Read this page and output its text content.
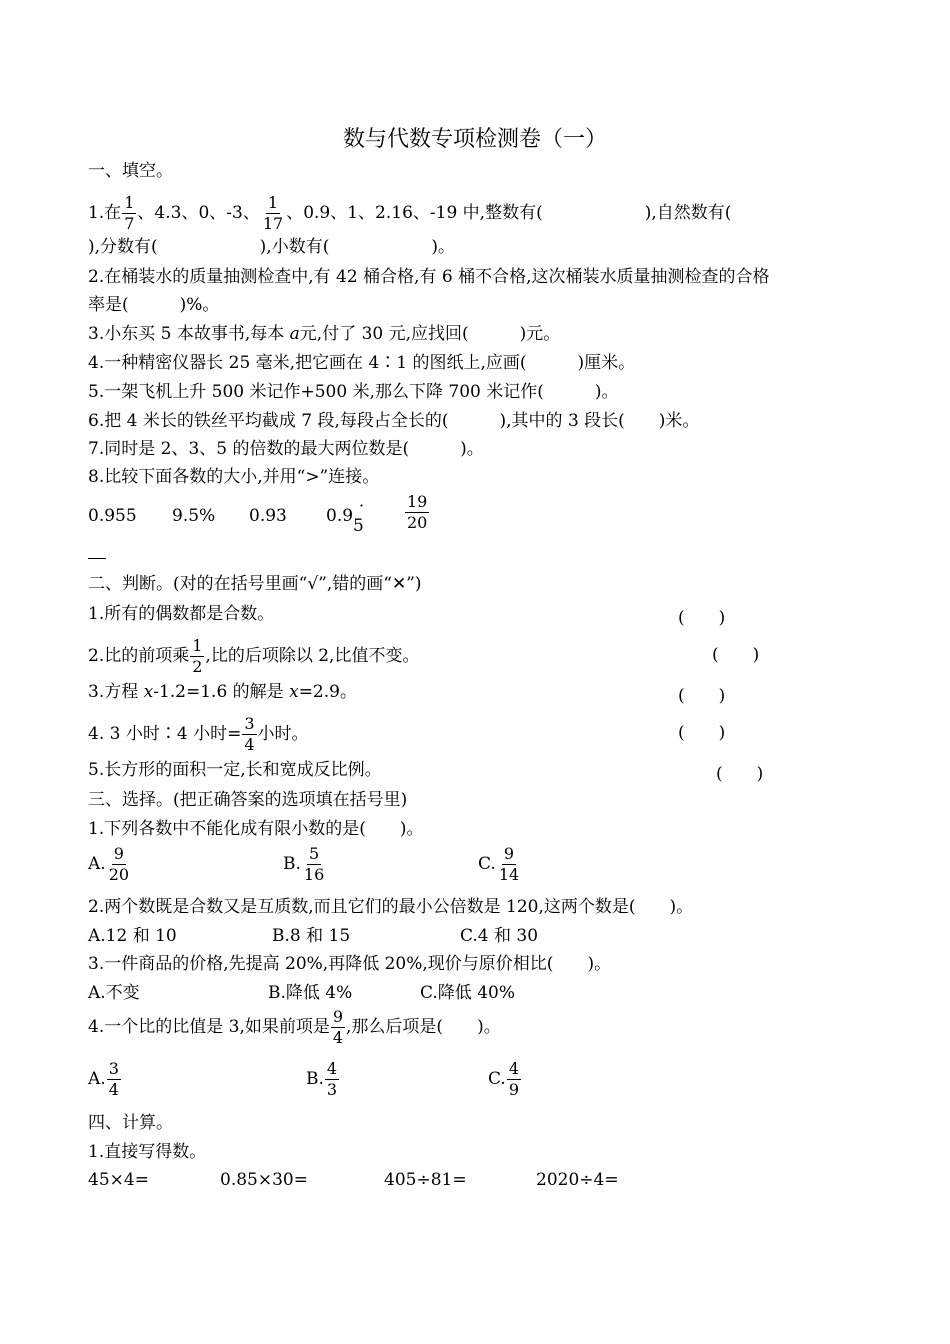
数与代数专项检测卷（一）
一、填空。
1.在 $\frac{1}{7}$ 、4.3、0、-3、 $\frac{1}{17}$ 、0.9、1、2.16、-19 中,整数有(　　　　　　),自然数有(
),分数有(　　　　　　),小数有(　　　　　　)。
2.在桶装水的质量抽测检查中,有 42 桶合格,有 6 桶不合格,这次桶装水质量抽测检查的合格
率是(　　　)%。
3.小东买 5 本故事书,每本 a元,付了 30 元,应找回(　　　)元。
4.一种精密仪器长 25 毫米,把它画在 4∶1 的图纸上,应画(　　　)厘米。
5.一架飞机上升 500 米记作+500 米,那么下降 700 米记作(　　　)。
6.把 4 米长的铁丝平均截成 7 段,每段占全长的(　　　),其中的 3 段长(　　)米。
7.同时是 2、3、5 的倍数的最大两位数是(　　　)。
8.比较下面各数的大小,并用“>”连接。
0.955 9.5% 0.93 0.95
·	$\frac{19}{20}$
二、判断。(对的在括号里画“√”,错的画“✕”)
1.所有的偶数都是合数。	(　　)
2.比的前项乘 $\frac{1}{2}$ ,比的后项除以 2,比值不变。	(　　)
3.方程 x-1.2=1.6 的解是 x=2.9。	(　　)
4. 3 小时∶4 小时= $\frac{3}{4}$ 小时。	(　　)
5.长方形的面积一定,长和宽成反比例。	(　　)
三、选择。(把正确答案的选项填在括号里)
1.下列各数中不能化成有限小数的是(　　)。
A. $\frac{9}{20}$	B. $\frac{5}{16}$	C. $\frac{9}{14}$
2.两个数既是合数又是互质数,而且它们的最小公倍数是 120,这两个数是(　　)。
A.12 和 10	B.8 和 15	C.4 和 30
3.一件商品的价格,先提高 20%,再降低 20%,现价与原价相比(　　)。
A.不变	B.降低 4%	C.降低 40%
4.一个比的比值是 3,如果前项是 $\frac{9}{4}$ ,那么后项是(　　)。
A. $\frac{3}{4}$	B. $\frac{4}{3}$	C. $\frac{4}{9}$
四、计算。
1.直接写得数。
45×4=	0.85×30=	405÷81=	2020÷4=
